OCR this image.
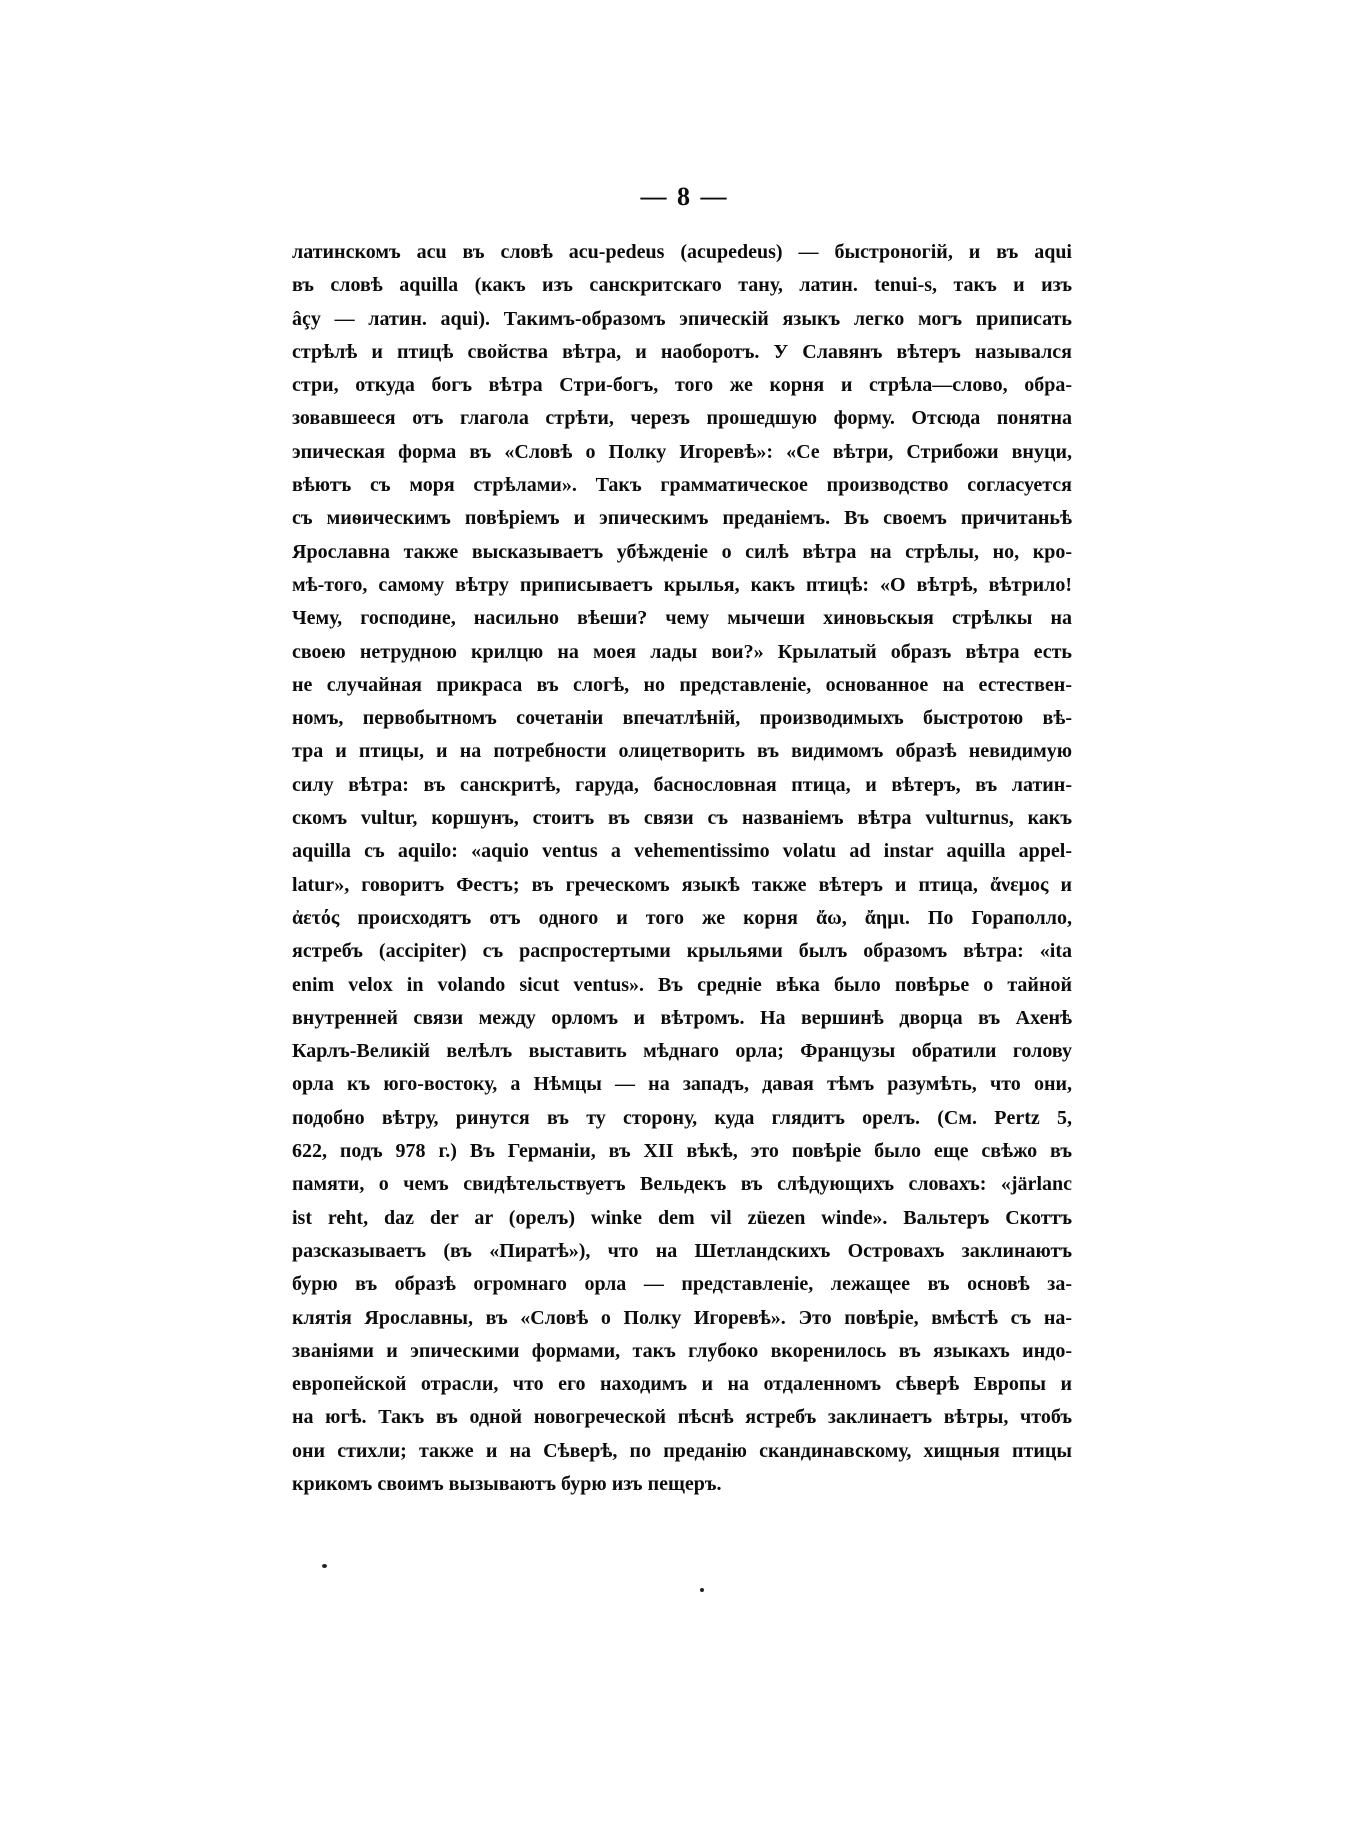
— 8 —
латинскомъ acu въ словѣ acu-pedeus (acupedeus) — быстроногій, и въ aqui
въ словѣ aquilla (какъ изъ санскритскаго тану, латин. tenui-s, такъ и изъ
âçу — латин. aqui). Такимъ-образомъ эпическій языкъ легко могъ приписать
стрѣлѣ и птицѣ свойства вѣтра, и наоборотъ. У Славянъ вѣтеръ назывался
стри, откуда богъ вѣтра Стри-богъ, того же корня и стрѣла—слово, обра-
зовавшееся отъ глагола стрѣти, черезъ прошедшую форму. Отсюда понятна
эпическая форма въ «Словѣ о Полку Игоревѣ»: «Се вѣтри, Стрибожи внуци,
вѣютъ съ моря стрѣлами». Такъ грамматическое производство согласуется
съ миѳическимъ повѣріемъ и эпическимъ преданіемъ. Въ своемъ причитаньѣ
Ярославна также высказываетъ убѣжденіе о силѣ вѣтра на стрѣлы, но, кро-
мѣ-того, самому вѣтру приписываетъ крылья, какъ птицѣ: «О вѣтрѣ, вѣтрило!
Чему, господине, насильно вѣеши? чему мычеши хиновьскыя стрѣлкы на
своею нетрудною крилцю на моея лады вои?» Крылатый образъ вѣтра есть
не случайная прикраса въ слогѣ, но представленіе, основанное на естествен-
номъ, первобытномъ сочетаніи впечатлѣній, производимыхъ быстротою вѣ-
тра и птицы, и на потребности олицетворить въ видимомъ образѣ невидимую
силу вѣтра: въ санскритѣ, гаруда, баснословная птица, и вѣтеръ, въ латин-
скомъ vultur, коршунъ, стоитъ въ связи съ названіемъ вѣтра vulturnus, какъ
aquilla съ aquilo: «aquio ventus a vehementissimo volatu ad instar aquilla appel-
latur», говоритъ Фестъ; въ греческомъ языкѣ также вѣтеръ и птица, ἄνεμος и
ἀετός происходятъ отъ одного и того же корня ἄω, ἄημι. По Гораполло,
ястребъ (accipiter) съ распростертыми крыльями былъ образомъ вѣтра: «ita
enim velox in volando sicut ventus». Въ средніе вѣка было повѣрье о тайной
внутренней связи между орломъ и вѣтромъ. На вершинѣ дворца въ Ахенѣ
Карлъ-Великій велѣлъ выставить мѣднаго орла; Французы обратили голову
орла къ юго-востоку, а Нѣмцы — на западъ, давая тѣмъ разумѣть, что они,
подобно вѣтру, ринутся въ ту сторону, куда глядитъ орелъ. (См. Pertz 5,
622, подъ 978 г.) Въ Германіи, въ XII вѣкѣ, это повѣріе было еще свѣжо въ
памяти, о чемъ свидѣтельствуетъ Вельдекъ въ слѣдующихъ словахъ: «järlanc
ist reht, daz der ar (орелъ) winke dem vil züezen winde». Вальтеръ Скоттъ
разсказываетъ (въ «Пиратѣ»), что на Шетландскихъ Островахъ заклинаютъ
бурю въ образѣ огромнаго орла — представленіе, лежащее въ основѣ за-
клятія Ярославны, въ «Словѣ о Полку Игоревѣ». Это повѣріе, вмѣстѣ съ на-
званіями и эпическими формами, такъ глубоко вкоренилось въ языкахъ индо-
европейской отрасли, что его находимъ и на отдаленномъ сѣверѣ Европы и
на югѣ. Такъ въ одной новогреческой пѣснѣ ястребъ заклинаетъ вѣтры, чтобъ
они стихли; также и на Сѣверѣ, по преданію скандинавскому, хищныя птицы
крикомъ своимъ вызываютъ бурю изъ пещеръ.
